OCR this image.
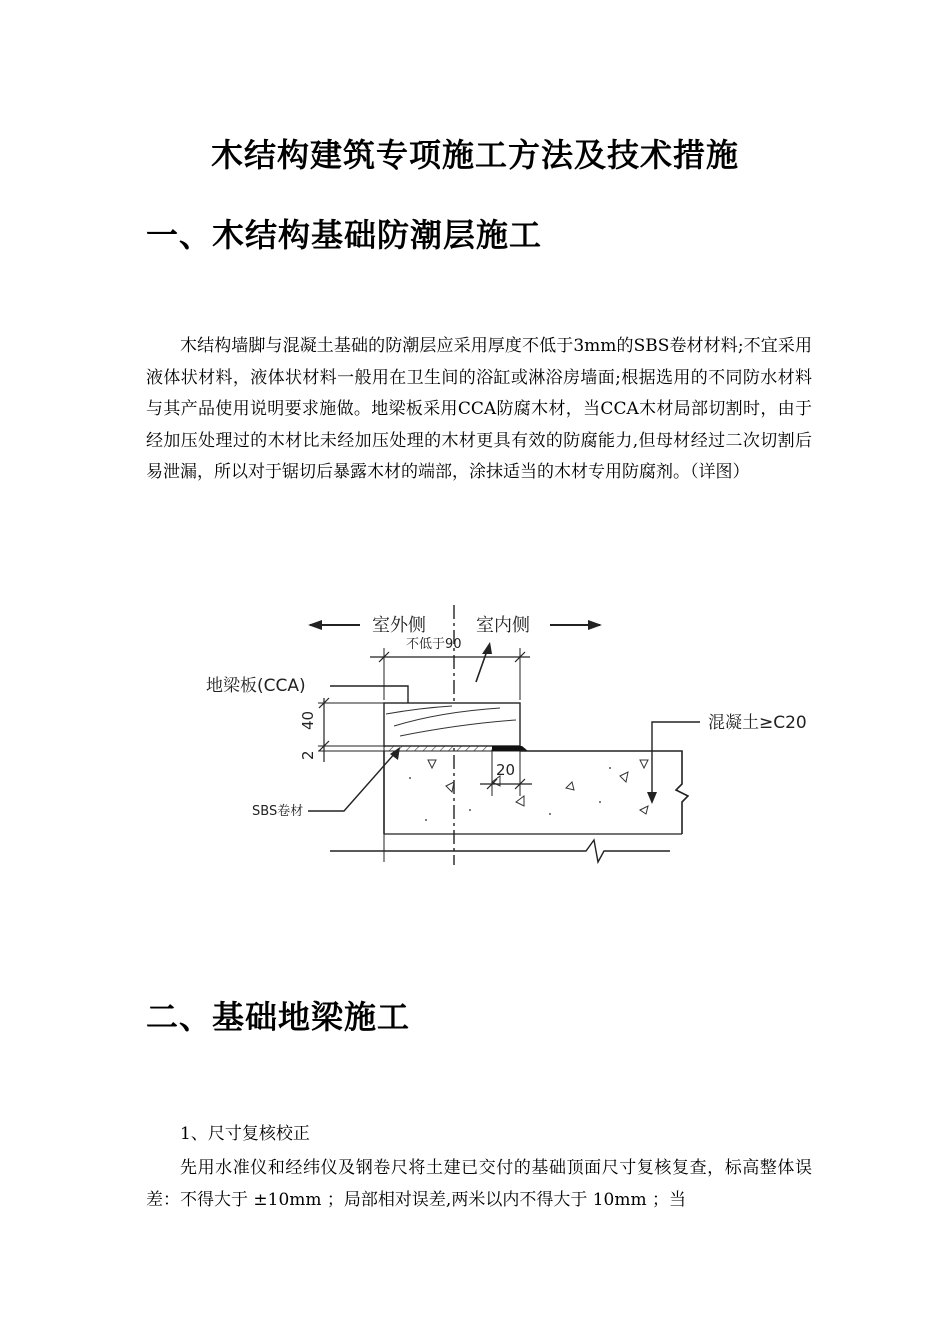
木结构建筑专项施工方法及技术措施
一、木结构基础防潮层施工

木结构墙脚与混凝土基础的防潮层应采用厚度不低于3mm的SBS卷材材料;不宜采用液体状材料，液体状材料一般用在卫生间的浴缸或淋浴房墙面;根据选用的不同防水材料与其产品使用说明要求施做。地梁板采用CCA防腐木材，当CCA木材局部切割时，由于经加压处理过的木材比未经加压处理的木材更具有效的防腐能力,但母材经过二次切割后易泄漏，所以对于锯切后暴露木材的端部，涂抹适当的木材专用防腐剂。（详图）

室外侧	室内侧
不低于90
地梁板(CCA)
40
2
20
混凝土≥C20
SBS卷材
二、基础地梁施工

1、尺寸复核校正

先用水准仪和经纬仪及钢卷尺将土建已交付的基础顶面尺寸复核复查，标高整体误差：不得大于 ±10mm ；局部相对误差,两米以内不得大于 10mm ；当
